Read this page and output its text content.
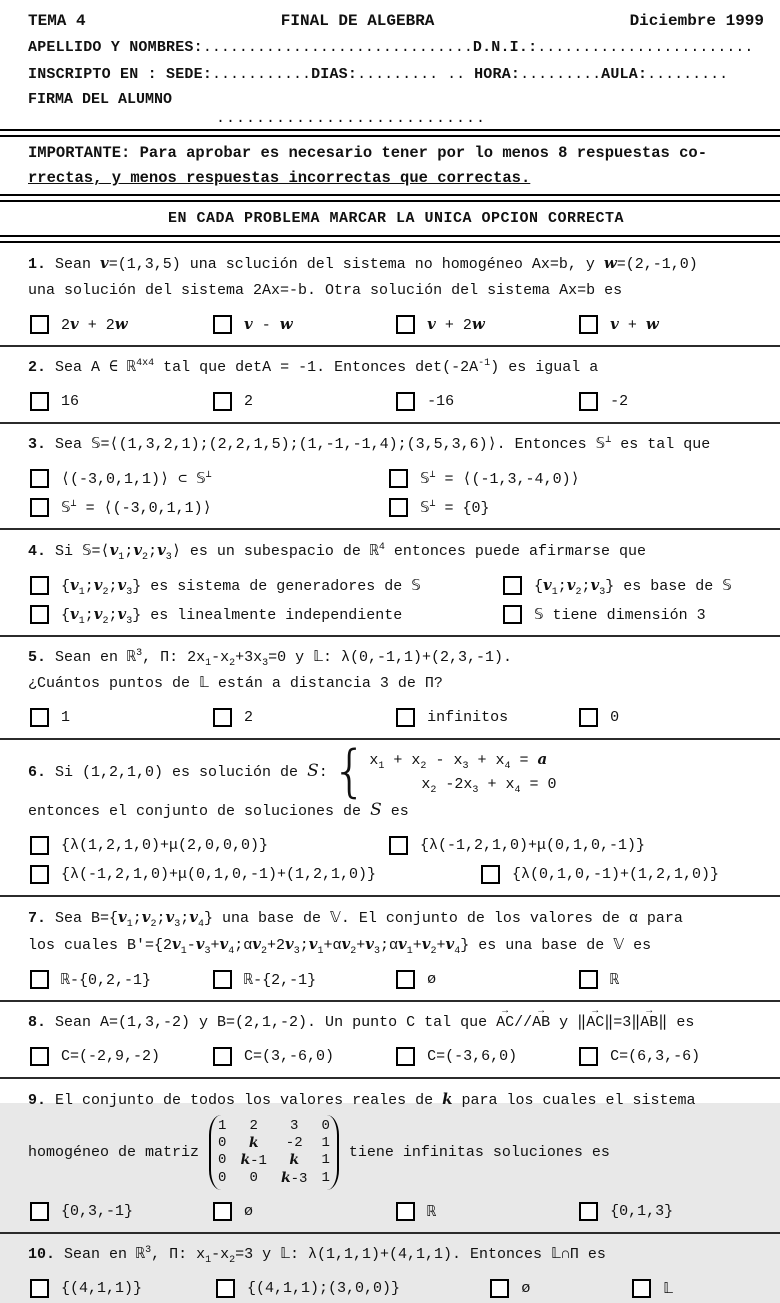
TEMA 4	FINAL DE ALGEBRA	Diciembre 1999
APELLIDO Y NOMBRES:..............................D.N.I.:........................
INSCRIPTO EN : SEDE:...........DIAS:......... .. HORA:.........AULA:.........
FIRMA DEL ALUMNO
...........................
IMPORTANTE: Para aprobar es necesario tener por lo menos 8 respuestas co-
rrectas, y menos respuestas incorrectas que correctas.
EN CADA PROBLEMA MARCAR LA UNICA OPCION CORRECTA
1. Sean v=(1,3,5) una sclución del sistema no homogéneo Ax=b, y w=(2,-1,0)
una solución del sistema 2Ax=-b. Otra solución del sistema Ax=b es
2v + 2w	v - w	v + 2w	v + w
2. Sea A ∈ ℝ$^{4x4}$ tal que detA = -1. Entonces $\det(-2A^{-1})$ es igual a
16	2	-16	-2
3. Sea 𝕊=⟨(1,3,2,1);(2,2,1,5);(1,-1,-1,4);(3,5,3,6)⟩. Entonces 𝕊⊥ es tal que
⟨(-3,0,1,1)⟩ ⊂ 𝕊⊥	𝕊⊥ = ⟨(-1,3,-4,0)⟩
𝕊⊥ = ⟨(-3,0,1,1)⟩	𝕊⊥ = {0}
4. Si $𝕊=⟨v_1;v_2;v_3⟩$ es un subespacio de ℝ$^4$ entonces puede afirmarse que
$\{v_1;v_2;v_3\}$ es sistema de generadores de 𝕊	$\{v_1;v_2;v_3\}$ es base de 𝕊
$\{v_1;v_2;v_3\}$ es linealmente independiente	𝕊 tiene dimensión 3
5. Sean en ℝ$^3$, Π: $2x_1-x_2+3x_3=0$ y 𝕃: λ(0,-1,1)+(2,3,-1).
¿Cuántos puntos de 𝕃 están a distancia 3 de Π?
1	2	infinitos	0
6. Si (1,2,1,0) es solución de S: { $x_1 + x_2 - x_3 + x_4 = a$
$x_2$ $-2x_3 + x_4 = 0$
entonces el conjunto de soluciones de S es
{λ(1,2,1,0)+μ(2,0,0,0)}	{λ(-1,2,1,0)+μ(0,1,0,-1)}
{λ(-1,2,1,0)+μ(0,1,0,-1)+(1,2,1,0)}	{λ(0,1,0,-1)+(1,2,1,0)}
7. Sea $B=\{v_1;v_2;v_3;v_4\}$ una base de 𝕍. El conjunto de los valores de α para
los cuales $B'=\{2v_1-v_3+v_4;\alpha v_2+2v_3;v_1+\alpha v_2+v_3;\alpha v_1+v_2+v_4\}$ es una base de 𝕍 es
ℝ-{0,2,-1}	ℝ-{2,-1}	ø	ℝ
8. Sean A=(1,3,-2) y B=(2,1,-2). Un punto C tal que → AC//→ AB y ‖→ AC‖=3‖→ AB‖ es
C=(-2,9,-2)	C=(3,-6,0)	C=(-3,6,0)	C=(6,3,-6)
9. El conjunto de todos los valores reales de k para los cuales el sistema
homogéneo de matriz
1	2	3	0
0	k	-2	1
0 k-1	k	1
0	0	k-3 1
tiene infinitas soluciones es
{0,3,-1}	ø	ℝ	{0,1,3}
10. Sean en ℝ$^3$, Π: $x_1-x_2=3$ y 𝕃: λ(1,1,1)+(4,1,1). Entonces 𝕃∩Π es
{(4,1,1)}	{(4,1,1);(3,0,0)}	ø	𝕃
